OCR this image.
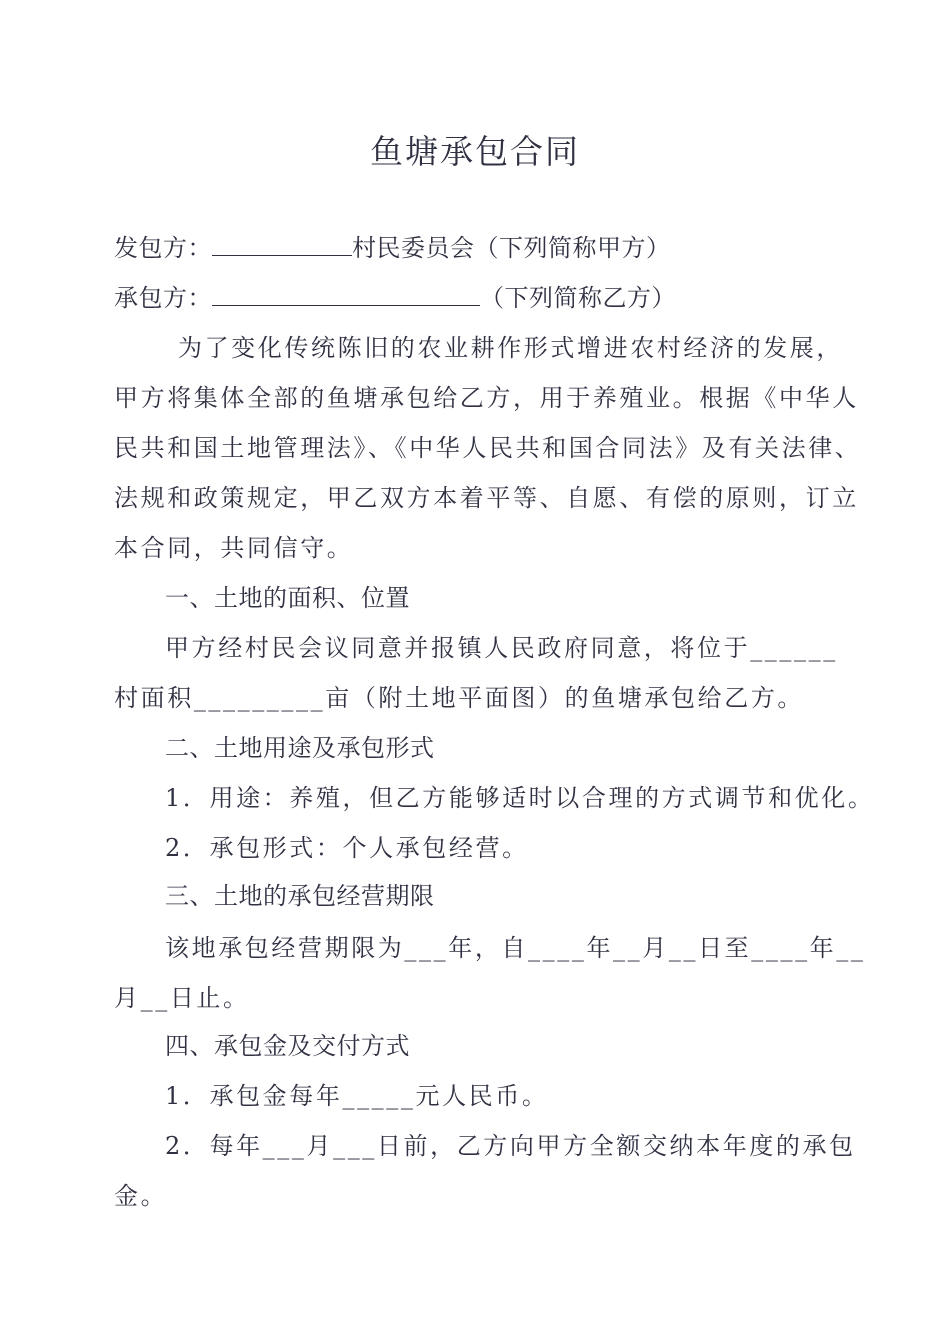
鱼塘承包合同
发包方：	村民委员会（下列简称甲方）
承包方：	（下列简称乙方）
为了变化传统陈旧的农业耕作形式增进农村经济的发展，
甲方将集体全部的鱼塘承包给乙方，用于养殖业。根据《中华人
民共和国土地管理法》、《中华人民共和国合同法》及有关法律、
法规和政策规定，甲乙双方本着平等、自愿、有偿的原则，订立
本合同，共同信守。
一、土地的面积、位置
甲方经村民会议同意并报镇人民政府同意，将位于______
村面积_________亩（附土地平面图）的鱼塘承包给乙方。
二、土地用途及承包形式
1．用途：养殖，但乙方能够适时以合理的方式调节和优化。
2．承包形式：个人承包经营。
三、土地的承包经营期限
该地承包经营期限为___年，自____年__月__日至____年__
月__日止。
四、承包金及交付方式
1．承包金每年_____元人民币。
2．每年___月___日前，乙方向甲方全额交纳本年度的承包
金。
